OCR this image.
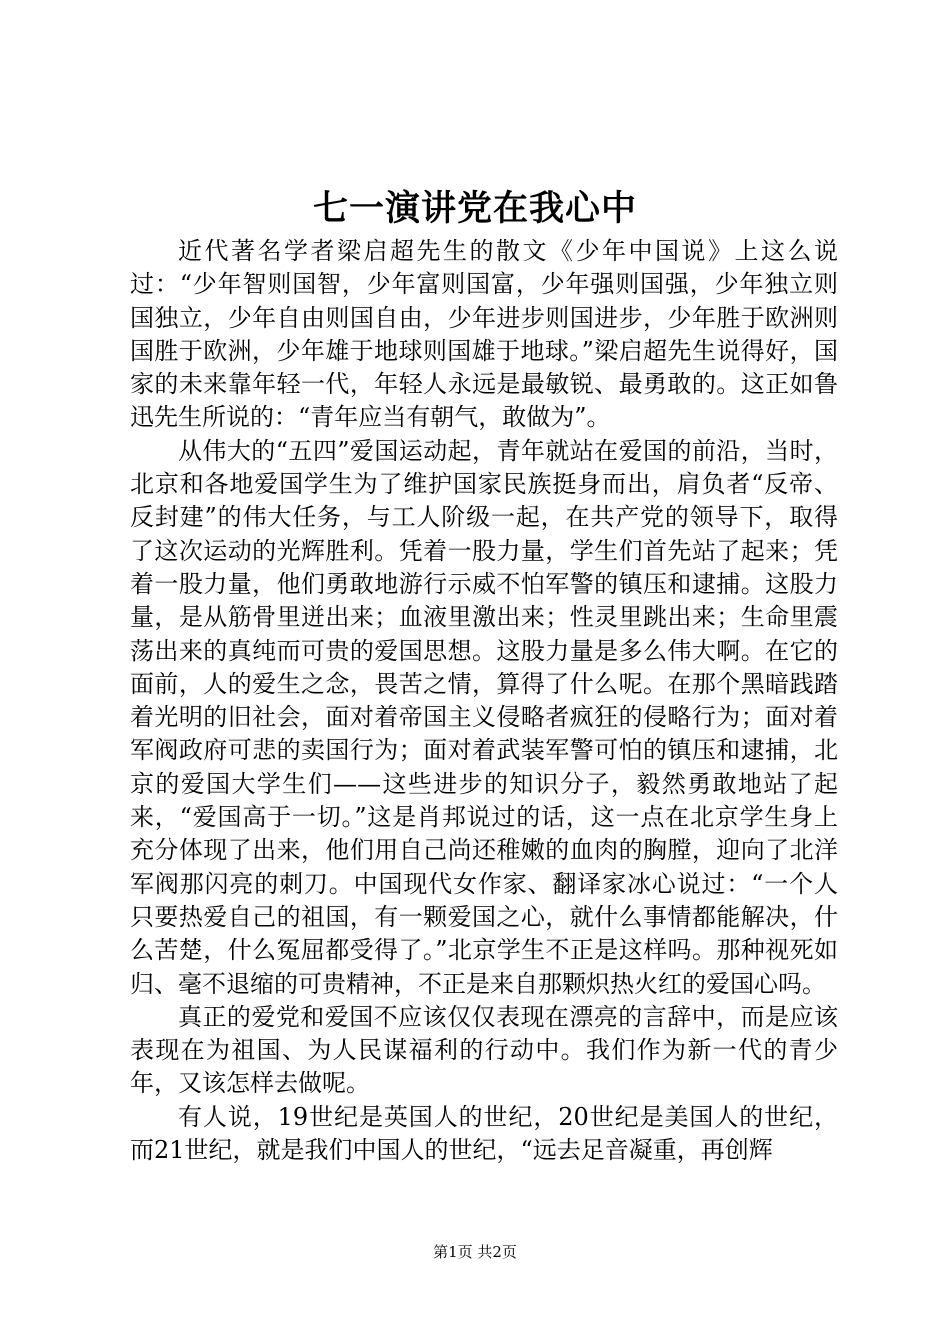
七一演讲党在我心中

近代著名学者梁启超先生的散文《少年中国说》上这么说过：“少年智则国智，少年富则国富，少年强则国强，少年独立则国独立，少年自由则国自由，少年进步则国进步，少年胜于欧洲则国胜于欧洲，少年雄于地球则国雄于地球。”梁启超先生说得好，国家的未来靠年轻一代，年轻人永远是最敏锐、最勇敢的。这正如鲁迅先生所说的：“青年应当有朝气，敢做为”。

从伟大的“五四”爱国运动起，青年就站在爱国的前沿，当时，北京和各地爱国学生为了维护国家民族挺身而出，肩负者“反帝、反封建”的伟大任务，与工人阶级一起，在共产党的领导下，取得了这次运动的光辉胜利。凭着一股力量，学生们首先站了起来；凭着一股力量，他们勇敢地游行示威不怕军警的镇压和逮捕。这股力量，是从筋骨里迸出来；血液里激出来；性灵里跳出来；生命里震荡出来的真纯而可贵的爱国思想。这股力量是多么伟大啊。在它的面前，人的爱生之念，畏苦之情，算得了什么呢。在那个黑暗践踏着光明的旧社会，面对着帝国主义侵略者疯狂的侵略行为；面对着军阀政府可悲的卖国行为；面对着武装军警可怕的镇压和逮捕，北京的爱国大学生们——这些进步的知识分子，毅然勇敢地站了起来，“爱国高于一切。”这是肖邦说过的话，这一点在北京学生身上充分体现了出来，他们用自己尚还稚嫩的血肉的胸膛，迎向了北洋军阀那闪亮的刺刀。中国现代女作家、翻译家冰心说过：“一个人只要热爱自己的祖国，有一颗爱国之心，就什么事情都能解决，什么苦楚，什么冤屈都受得了。”北京学生不正是这样吗。那种视死如归、毫不退缩的可贵精神，不正是来自那颗炽热火红的爱国心吗。

真正的爱党和爱国不应该仅仅表现在漂亮的言辞中，而是应该表现在为祖国、为人民谋福利的行动中。我们作为新一代的青少年，又该怎样去做呢。

有人说，19世纪是英国人的世纪，20世纪是美国人的世纪，而21世纪，就是我们中国人的世纪，“远去足音凝重，再创辉

第1页 共2页
